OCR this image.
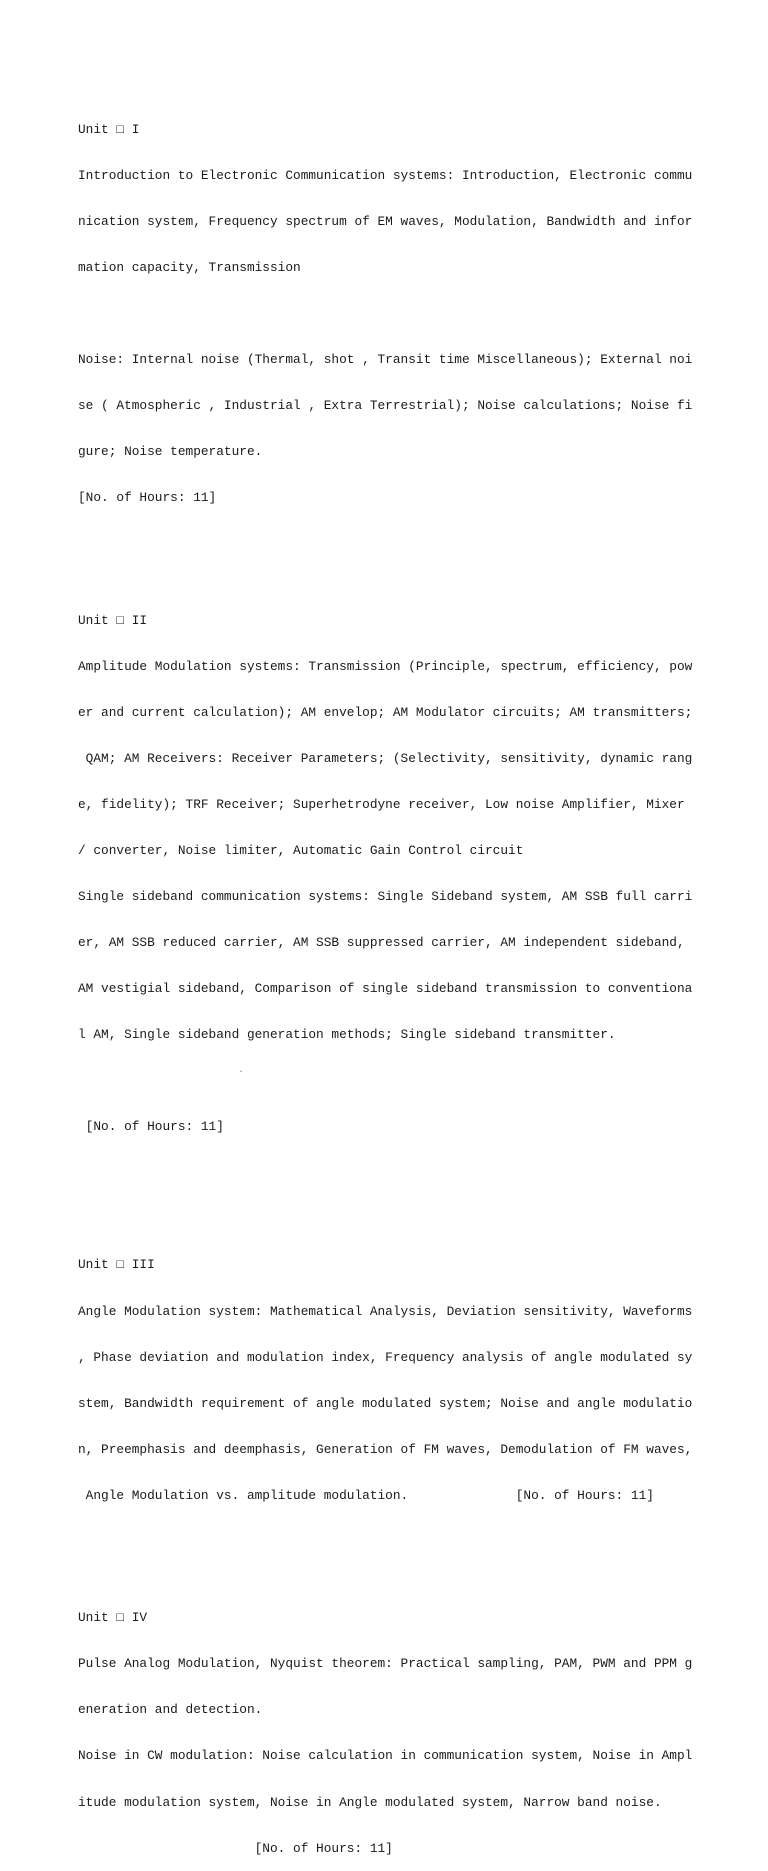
Unit □ I

Introduction to Electronic Communication systems: Introduction, Electronic commu

nication system, Frequency spectrum of EM waves, Modulation, Bandwidth and infor

mation capacity, Transmission

Noise: Internal noise (Thermal, shot , Transit time Miscellaneous); External noi

se ( Atmospheric , Industrial , Extra Terrestrial); Noise calculations; Noise fi

gure; Noise temperature.

[No. of Hours: 11]

Unit □ II

Amplitude Modulation systems: Transmission (Principle, spectrum, efficiency, pow

er and current calculation); AM envelop; AM Modulator circuits; AM transmitters;

QAM; AM Receivers: Receiver Parameters; (Selectivity, sensitivity, dynamic rang

e, fidelity); TRF Receiver; Superhetrodyne receiver, Low noise Amplifier, Mixer

/ converter, Noise limiter, Automatic Gain Control circuit

Single sideband communication systems: Single Sideband system, AM SSB full carri

er, AM SSB reduced carrier, AM SSB suppressed carrier, AM independent sideband,

AM vestigial sideband, Comparison of single sideband transmission to conventiona

l AM, Single sideband generation methods; Single sideband transmitter.

`

[No. of Hours: 11]

Unit □ III

Angle Modulation system: Mathematical Analysis, Deviation sensitivity, Waveforms

, Phase deviation and modulation index, Frequency analysis of angle modulated sy

stem, Bandwidth requirement of angle modulated system; Noise and angle modulatio

n, Preemphasis and deemphasis, Generation of FM waves, Demodulation of FM waves,

Angle Modulation vs. amplitude modulation.              [No. of Hours: 11]

Unit □ IV

Pulse Analog Modulation, Nyquist theorem: Practical sampling, PAM, PWM and PPM g

eneration and detection.

Noise in CW modulation: Noise calculation in communication system, Noise in Ampl

itude modulation system, Noise in Angle modulated system, Narrow band noise.

[No. of Hours: 11]
